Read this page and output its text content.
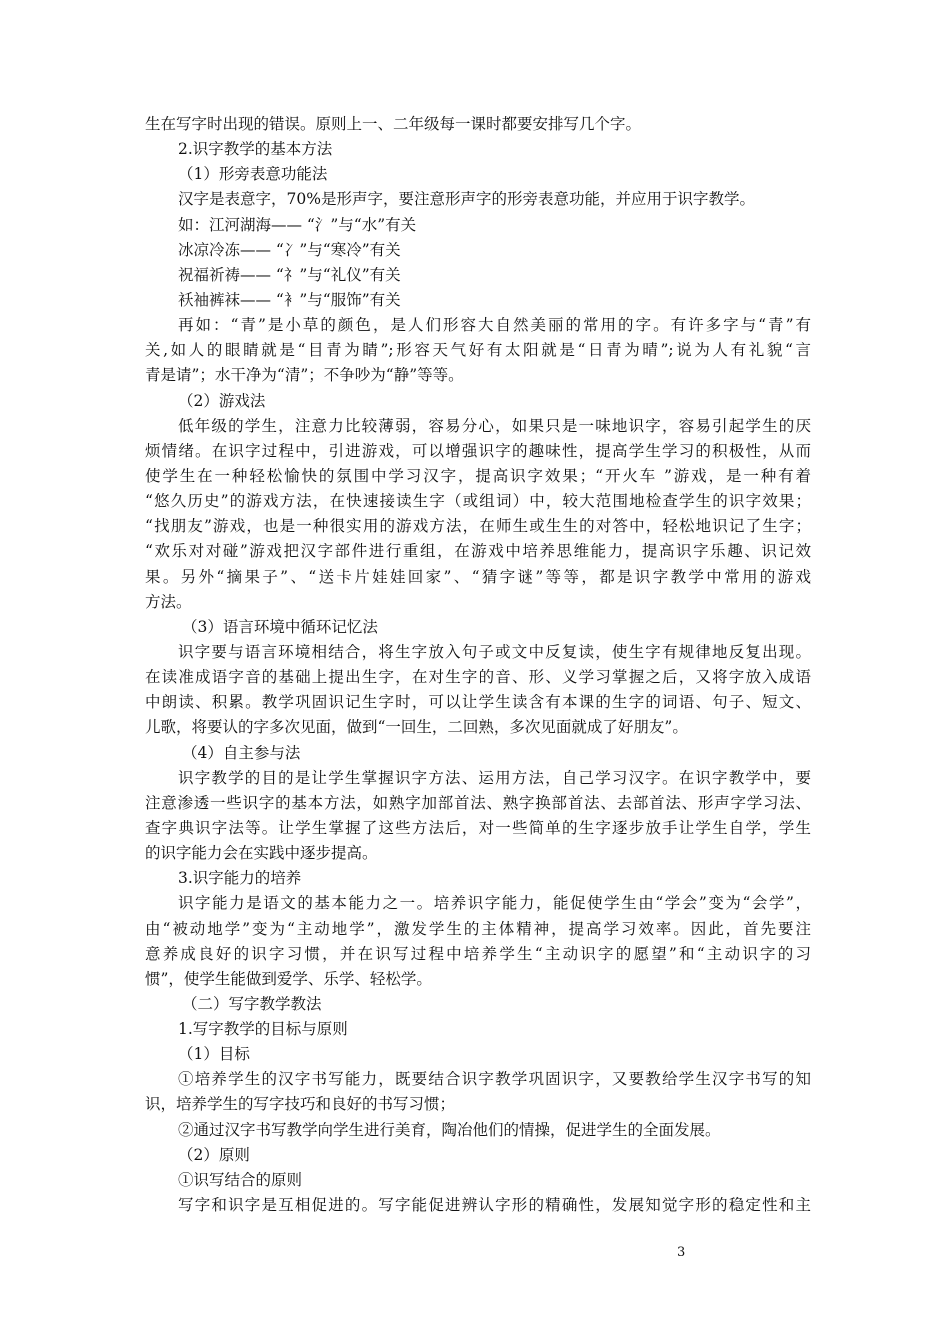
生在写字时出现的错误。原则上一、二年级每一课时都要安排写几个字。
2.识字教学的基本方法
（1）形旁表意功能法
汉字是表意字，70%是形声字，要注意形声字的形旁表意功能，并应用于识字教学。
如：江河湖海—— “氵”与“水”有关
冰凉冷冻—— “冫”与“寒冷”有关
祝福祈祷—— “礻”与“礼仪”有关
袄袖裤袜—— “衤”与“服饰”有关
再如：“青”是小草的颜色，是人们形容大自然美丽的常用的字。有许多字与“青”有
关,如人的眼睛就是“目青为睛”;形容天气好有太阳就是“日青为晴”;说为人有礼貌“言
青是请”；水干净为“清”；不争吵为“静”等等。
（2）游戏法
低年级的学生，注意力比较薄弱，容易分心，如果只是一味地识字，容易引起学生的厌
烦情绪。在识字过程中，引进游戏，可以增强识字的趣味性，提高学生学习的积极性，从而
使学生在一种轻松愉快的氛围中学习汉字，提高识字效果；“开火车 ”游戏，是一种有着
“悠久历史”的游戏方法，在快速接读生字（或组词）中，较大范围地检查学生的识字效果；
“找朋友”游戏，也是一种很实用的游戏方法，在师生或生生的对答中，轻松地识记了生字；
“欢乐对对碰”游戏把汉字部件进行重组，在游戏中培养思维能力，提高识字乐趣、识记效
果。另外“摘果子”、“送卡片娃娃回家”、“猜字谜”等等，都是识字教学中常用的游戏
方法。
（3）语言环境中循环记忆法
识字要与语言环境相结合，将生字放入句子或文中反复读，使生字有规律地反复出现。
在读准成语字音的基础上提出生字，在对生字的音、形、义学习掌握之后，又将字放入成语
中朗读、积累。教学巩固识记生字时，可以让学生读含有本课的生字的词语、句子、短文、
儿歌，将要认的字多次见面，做到“一回生，二回熟，多次见面就成了好朋友”。
（4）自主参与法
识字教学的目的是让学生掌握识字方法、运用方法，自己学习汉字。在识字教学中，要
注意渗透一些识字的基本方法，如熟字加部首法、熟字换部首法、去部首法、形声字学习法、
查字典识字法等。让学生掌握了这些方法后，对一些简单的生字逐步放手让学生自学，学生
的识字能力会在实践中逐步提高。
3.识字能力的培养
识字能力是语文的基本能力之一。培养识字能力，能促使学生由“学会”变为“会学”，
由“被动地学”变为“主动地学”，激发学生的主体精神，提高学习效率。因此，首先要注
意养成良好的识字习惯，并在识写过程中培养学生“主动识字的愿望”和“主动识字的习
惯”，使学生能做到爱学、乐学、轻松学。
（二）写字教学教法
1.写字教学的目标与原则
（1）目标
①培养学生的汉字书写能力，既要结合识字教学巩固识字，又要教给学生汉字书写的知
识，培养学生的写字技巧和良好的书写习惯；
②通过汉字书写教学向学生进行美育，陶冶他们的情操，促进学生的全面发展。
（2）原则
①识写结合的原则
写字和识字是互相促进的。写字能促进辨认字形的精确性，发展知觉字形的稳定性和主
3
